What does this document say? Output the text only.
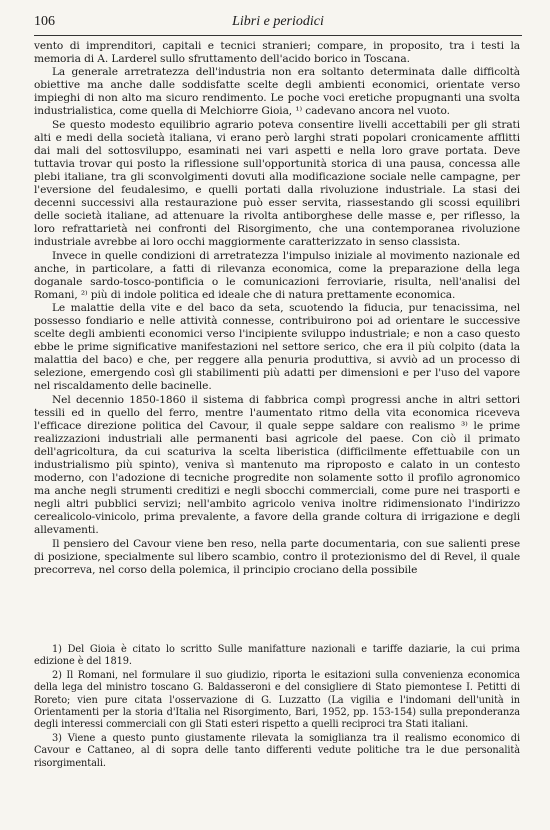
106	Libri e periodici

vento di imprenditori, capitali e tecnici stranieri; compare, in proposito, tra i testi la memoria di A. Larderel sullo sfruttamento dell'acido borico in Toscana.

La generale arretratezza dell'industria non era soltanto determinata dalle difficoltà obiettive ma anche dalle soddisfatte scelte degli ambienti economici, orientate verso impieghi di non alto ma sicuro rendimento. Le poche voci eretiche propugnanti una svolta industrialistica, come quella di Melchiorre Gioia, ¹⁾ cadevano ancora nel vuoto.

Se questo modesto equilibrio agrario poteva consentire livelli accettabili per gli strati alti e medi della società italiana, vi erano però larghi strati popolari cronicamente afflitti dai mali del sottosviluppo, esaminati nei vari aspetti e nella loro grave portata. Deve tuttavia trovar qui posto la riflessione sull'opportunità storica di una pausa, concessa alle plebi italiane, tra gli sconvolgimenti dovuti alla modificazione sociale nelle campagne, per l'eversione del feudalesimo, e quelli portati dalla rivoluzione industriale. La stasi dei decenni successivi alla restaurazione può esser servita, riassestando gli scossi equilibri delle società italiane, ad attenuare la rivolta antiborghese delle masse e, per riflesso, la loro refrattarietà nei confronti del Risorgimento, che una contemporanea rivoluzione industriale avrebbe ai loro occhi maggiormente caratterizzato in senso classista.

Invece in quelle condizioni di arretratezza l'impulso iniziale al movimento nazionale ed anche, in particolare, a fatti di rilevanza economica, come la preparazione della lega doganale sardo-tosco-pontificia o le comunicazioni ferroviarie, risulta, nell'analisi del Romani, ²⁾ più di indole politica ed ideale che di natura prettamente economica.

Le malattie della vite e del baco da seta, scuotendo la fiducia, pur tenacissima, nel possesso fondiario e nelle attività connesse, contribuirono poi ad orientare le successive scelte degli ambienti economici verso l'incipiente sviluppo industriale; e non a caso questo ebbe le prime significative manifestazioni nel settore serico, che era il più colpito (data la malattia del baco) e che, per reggere alla penuria produttiva, si avviò ad un processo di selezione, emergendo così gli stabilimenti più adatti per dimensioni e per l'uso del vapore nel riscaldamento delle bacinelle.

Nel decennio 1850-1860 il sistema di fabbrica compì progressi anche in altri settori tessili ed in quello del ferro, mentre l'aumentato ritmo della vita economica riceveva l'efficace direzione politica del Cavour, il quale seppe saldare con realismo ³⁾ le prime realizzazioni industriali alle permanenti basi agricole del paese. Con ciò il primato dell'agricoltura, da cui scaturiva la scelta liberistica (difficilmente effettuabile con un industrialismo più spinto), veniva sì mantenuto ma riproposto e calato in un contesto moderno, con l'adozione di tecniche progredite non solamente sotto il profilo agronomico ma anche negli strumenti creditizi e negli sbocchi commerciali, come pure nei trasporti e negli altri pubblici servizi; nell'ambito agricolo veniva inoltre ridimensionato l'indirizzo cerealicolo-vinicolo, prima prevalente, a favore della grande coltura di irrigazione e degli allevamenti.

Il pensiero del Cavour viene ben reso, nella parte documentaria, con sue salienti prese di posizione, specialmente sul libero scambio, contro il protezionismo del di Revel, il quale precorreva, nel corso della polemica, il principio crociano della possibile

1) Del Gioia è citato lo scritto Sulle manifatture nazionali e tariffe daziarie, la cui prima edizione è del 1819.

2) Il Romani, nel formulare il suo giudizio, riporta le esitazioni sulla convenienza economica della lega del ministro toscano G. Baldasseroni e del consigliere di Stato piemontese I. Petitti di Roreto; vien pure citata l'osservazione di G. Luzzatto (La vigilia e l'indomani dell'unità in Orientamenti per la storia d'Italia nel Risorgimento, Bari, 1952, pp. 153-154) sulla preponderanza degli interessi commerciali con gli Stati esteri rispetto a quelli reciproci tra Stati italiani.

3) Viene a questo punto giustamente rilevata la somiglianza tra il realismo economico di Cavour e Cattaneo, al di sopra delle tanto differenti vedute politiche tra le due personalità risorgimentali.
